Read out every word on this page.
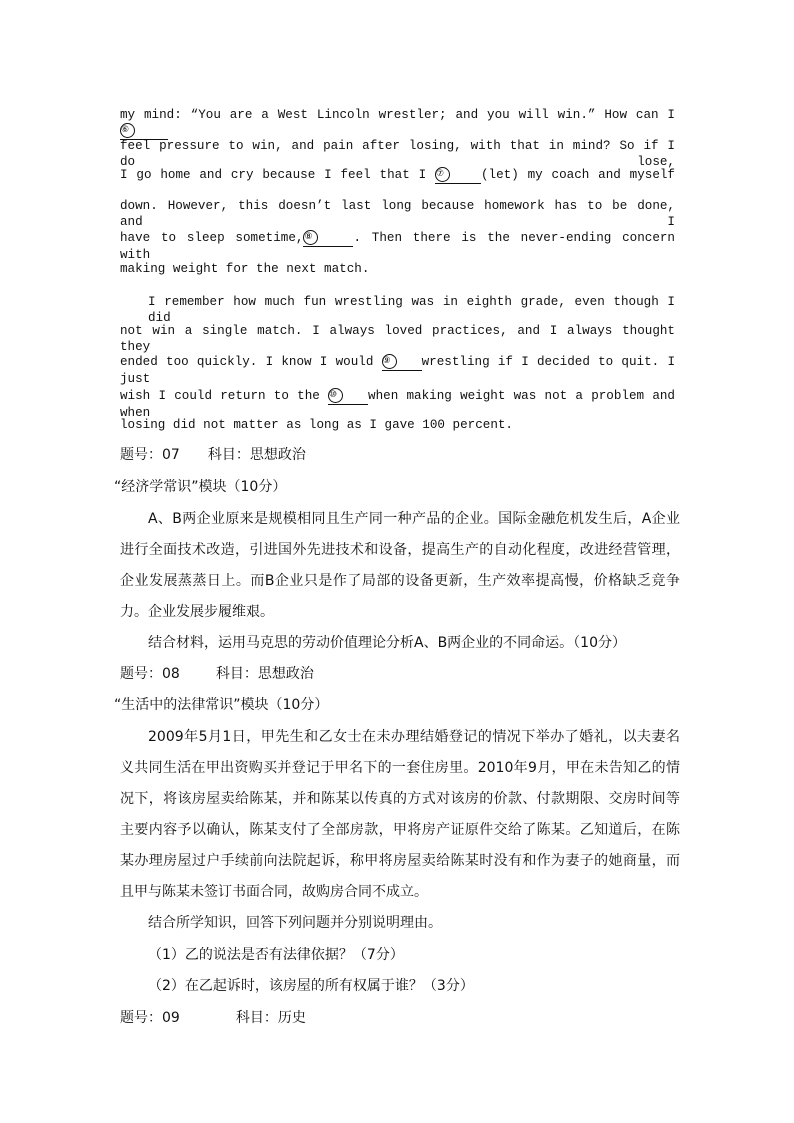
my mind: “You are a West Lincoln wrestler; and you will win.” How can I ⑥
feel pressure to win, and pain after losing, with that in mind? So if I do lose,
I go home and cry because I feel that I ⑦	(let) my coach and myself
down. However, this doesn’t last long because homework has to be done, and I
have to sleep sometime,⑧	. Then there is the never-ending concern with
making weight for the next match.
I remember how much fun wrestling was in eighth grade, even though I did
not win a single match. I always loved practices, and I always thought they
ended too quickly. I know I would ⑨ wrestling if I decided to quit. I just
wish I could return to the ⑩ when making weight was not a problem and when
losing did not matter as long as I gave 100 percent.
题号：07 科目：思想政治
“经济学常识”模块（10分）
A、B两企业原来是规模相同且生产同一种产品的企业。国际金融危机发生后，A企业
进行全面技术改造，引进国外先进技术和设备，提高生产的自动化程度，改进经营管理，
企业发展蒸蒸日上。而B企业只是作了局部的设备更新，生产效率提高慢，价格缺乏竞争
力。企业发展步履维艰。
结合材料，运用马克思的劳动价值理论分析A、B两企业的不同命运。（10分）
题号：08	科目：思想政治
“生活中的法律常识”模块（10分）
2009年5月1日，甲先生和乙女士在未办理结婚登记的情况下举办了婚礼，以夫妻名
义共同生活在甲出资购买并登记于甲名下的一套住房里。2010年9月，甲在未告知乙的情
况下，将该房屋卖给陈某，并和陈某以传真的方式对该房的价款、付款期限、交房时间等
主要内容予以确认，陈某支付了全部房款，甲将房产证原件交给了陈某。乙知道后，在陈
某办理房屋过户手续前向法院起诉，称甲将房屋卖给陈某时没有和作为妻子的她商量，而
且甲与陈某未签订书面合同，故购房合同不成立。
结合所学知识，回答下列问题并分别说明理由。
（1）乙的说法是否有法律依据？（7分）
（2）在乙起诉时，该房屋的所有权属于谁？（3分）
题号：09	科目：历史
